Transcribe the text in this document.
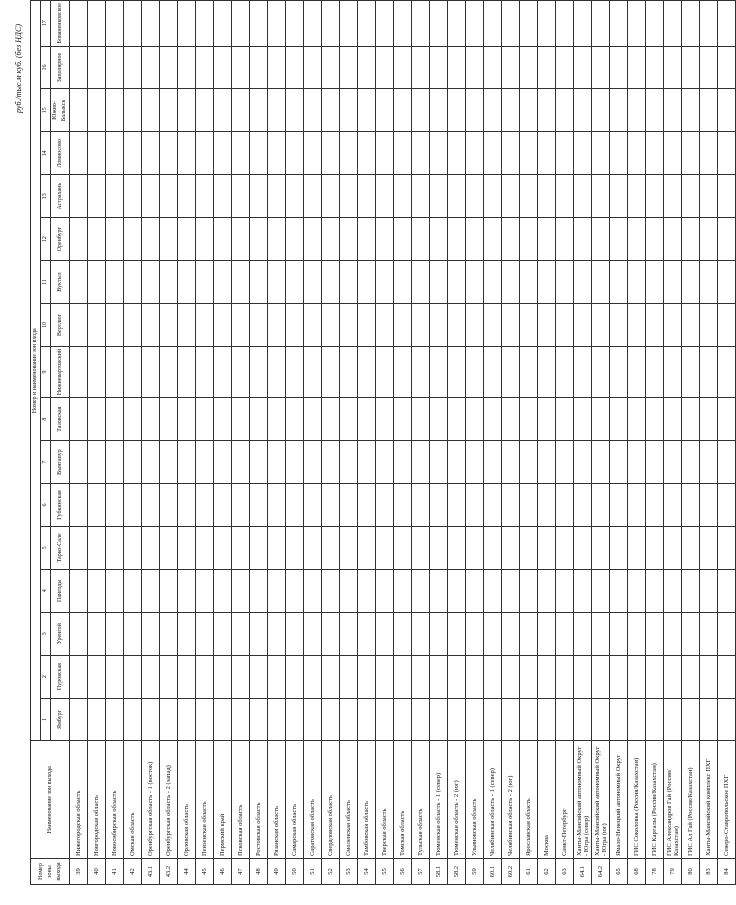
руб./тыс.м куб. (без НДС)
Номер зоны выхода	Наименование зон выхода	Номер и наименование зон входа																
		1	2	3	4	5	6	7	8	9	10	11	12	13	14	15	16	17
		Ямбург	Пуровская	Уренгой	Пангоды	Тарко-Сале	Губкинская	Вынгапур	Тазовская	Нижневартовский	Вертлюг	Вуктыл	Оренбург	Астрахань	Ломносово	Южно-Балыкск	Заполярное	Бованенковское
39	Нижегородская область																	
40	Новгородская область																	
41	Новосибирская область																	
42	Омская область																	
43.1	Оренбургская область - 1 (восток)																	
43.2	Оренбургская область - 2 (запад)																	
44	Орловская область																	
45	Пензенская область																	
46	Пермский край																	
47	Псковская область																	
48	Ростовская область																	
49	Рязанская область																	
50	Самарская область																	
51	Саратовская область																	
52	Свердловская область																	
53	Смоленская область																	
54	Тамбовская область																	
55	Тверская область																	
56	Томская область																	
57	Тульская область																	
58.1	Тюменская область - 1 (север)																	
58.2	Тюменская область - 2 (юг)																	
59	Ульяновская область																	
60.1	Челябинская область - 1 (север)																	
60.2	Челябинская область - 2 (юг)																	
61	Ярославская область																	
62	Москва																	
63	Санкт-Петербург																	
64.1	Ханты-Мансийский автономный Округ - Югра (север)																	
64.2	Ханты-Мансийский автономный Округ - Югра (юг)																	
65	Ямало-Ненецкий автономный Округ																	
68	ГИС Соколовка (Россия/Казахстан)																	
78	ГИС Карталы (Россия/Казахстан)																	
79	ГИС Александров Гай (Россия/Казахстан)																	
80	ГИС Ал Гай (Россия/Казахстан)																	
83	Ханты-Мансийский комплекс ПХГ																	
84	Северо-Ставропольское ПХГ																	
